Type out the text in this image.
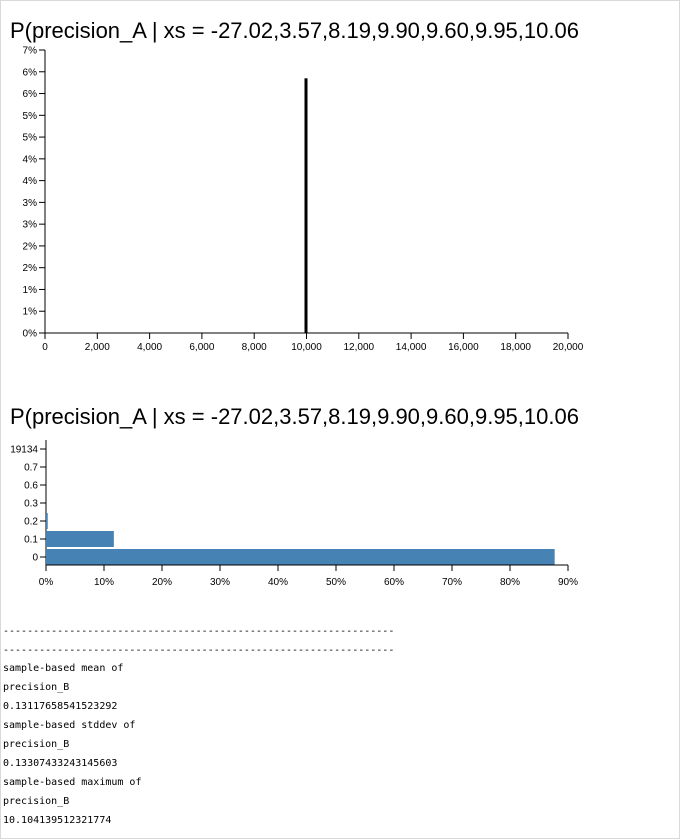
P(precision_A | xs = -27.02,3.57,8.19,9.90,9.60,9.95,10.06
0%
1%
1%
2%
2%
3%
3%
4%
4%
5%
5%
6%
6%
7%
0	2,000	4,000	6,000	8,000 10,000 12,000 14,000 16,000 18,000 20,000
P(precision_A | xs = -27.02,3.57,8.19,9.90,9.60,9.95,10.06
19134
0.7
0.6
0.3
0.2
0.1
0
0%	10%	20%	30%	40%	50%	60%	70%	80%	90%
-----------------------------------------------------------------
-----------------------------------------------------------------
sample-based mean of
precision_B
0.13117658541523292
sample-based stddev of
precision_B
0.13307433243145603
sample-based maximum of
precision_B
10.104139512321774
